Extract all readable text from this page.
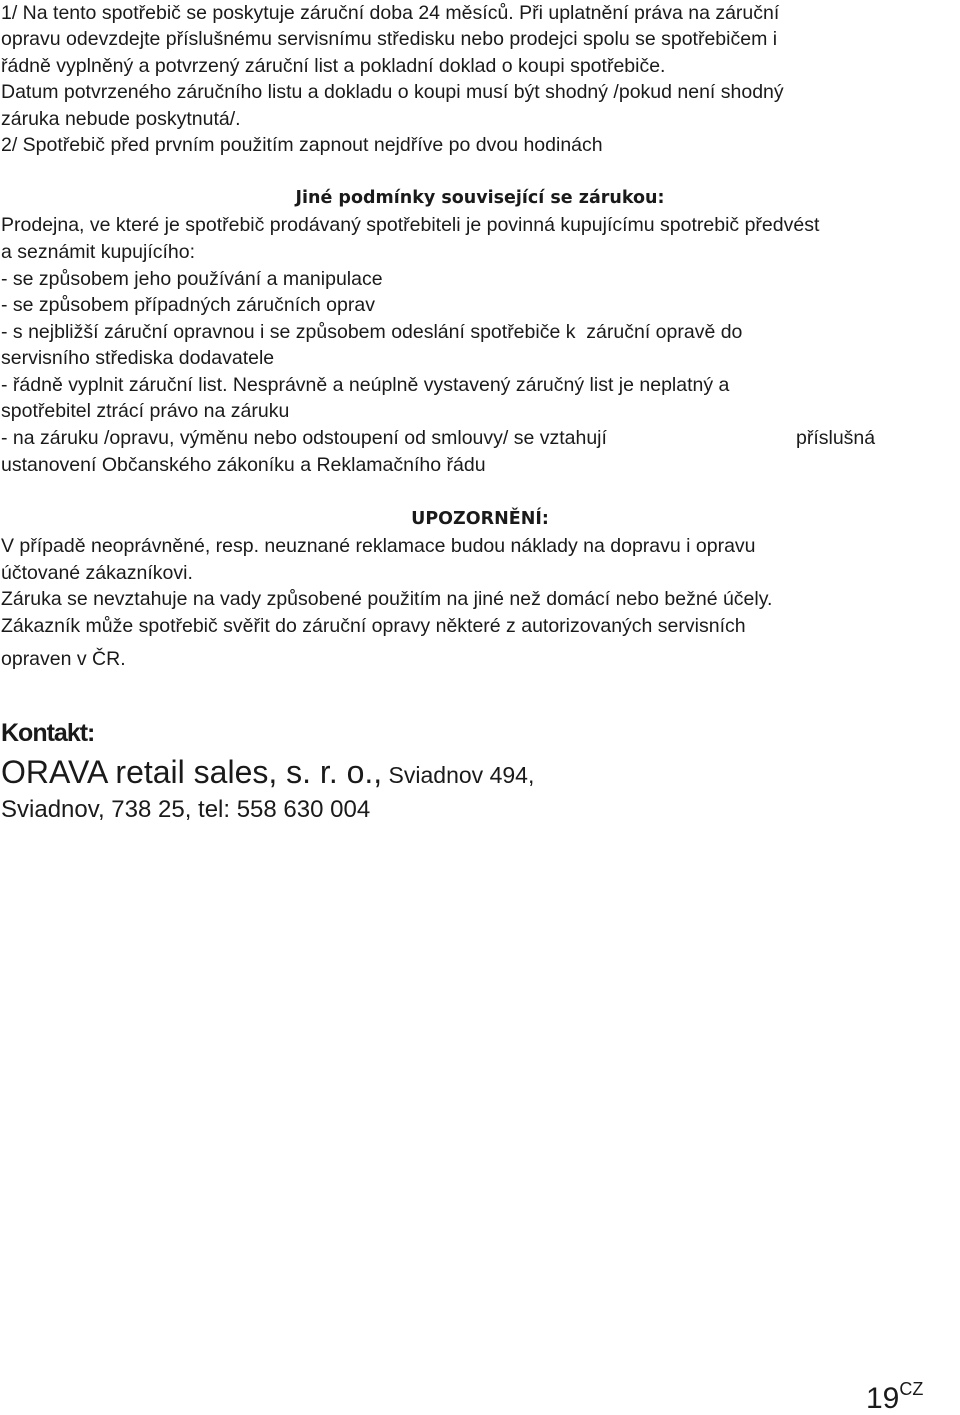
1/ Na tento spotřebič se poskytuje záruční doba 24 měsíců. Při uplatnění práva na záruční

opravu odevzdejte příslušnému servisnímu středisku nebo prodejci spolu se spotřebičem i

řádně vyplněný a potvrzený záruční list a pokladní doklad o koupi spotřebiče.

Datum potvrzeného záručního listu a dokladu o koupi musí být shodný /pokud není shodný

záruka nebude poskytnutá/.

2/ Spotřebič před prvním použitím zapnout nejdříve po dvou hodinách

Jiné podmínky související se zárukou:

Prodejna, ve které je spotřebič prodávaný spotřebiteli je povinná kupujícímu spotrebič předvést

a seznámit kupujícího:

- se způsobem jeho používání a manipulace

- se způsobem případných záručních oprav

- s nejbližší záruční opravnou i se způsobem odeslání spotřebiče k  záruční opravě do

servisního střediska dodavatele

- řádně vyplnit záruční list. Nesprávně a neúplně vystavený záručný list je neplatný a

spotřebitel ztrácí právo na záruku

- na záruku /opravu, výměnu nebo odstoupení od smlouvy/ se vztahují	příslušná

ustanovení Občanského zákoníku a Reklamačního řádu

UPOZORNĚNÍ:

V případě neoprávněné, resp. neuznané reklamace budou náklady na dopravu i opravu

účtované zákazníkovi.

Záruka se nevztahuje na vady způsobené použitím na jiné než domácí nebo bežné účely.

Zákazník může spotřebič svěřit do záruční opravy některé z autorizovaných servisních

opraven v ČR.

Kontakt:

ORAVA retail sales, s. r. o., Sviadnov 494,

Sviadnov, 738 25, tel: 558 630 004

$19^{CZ}$
